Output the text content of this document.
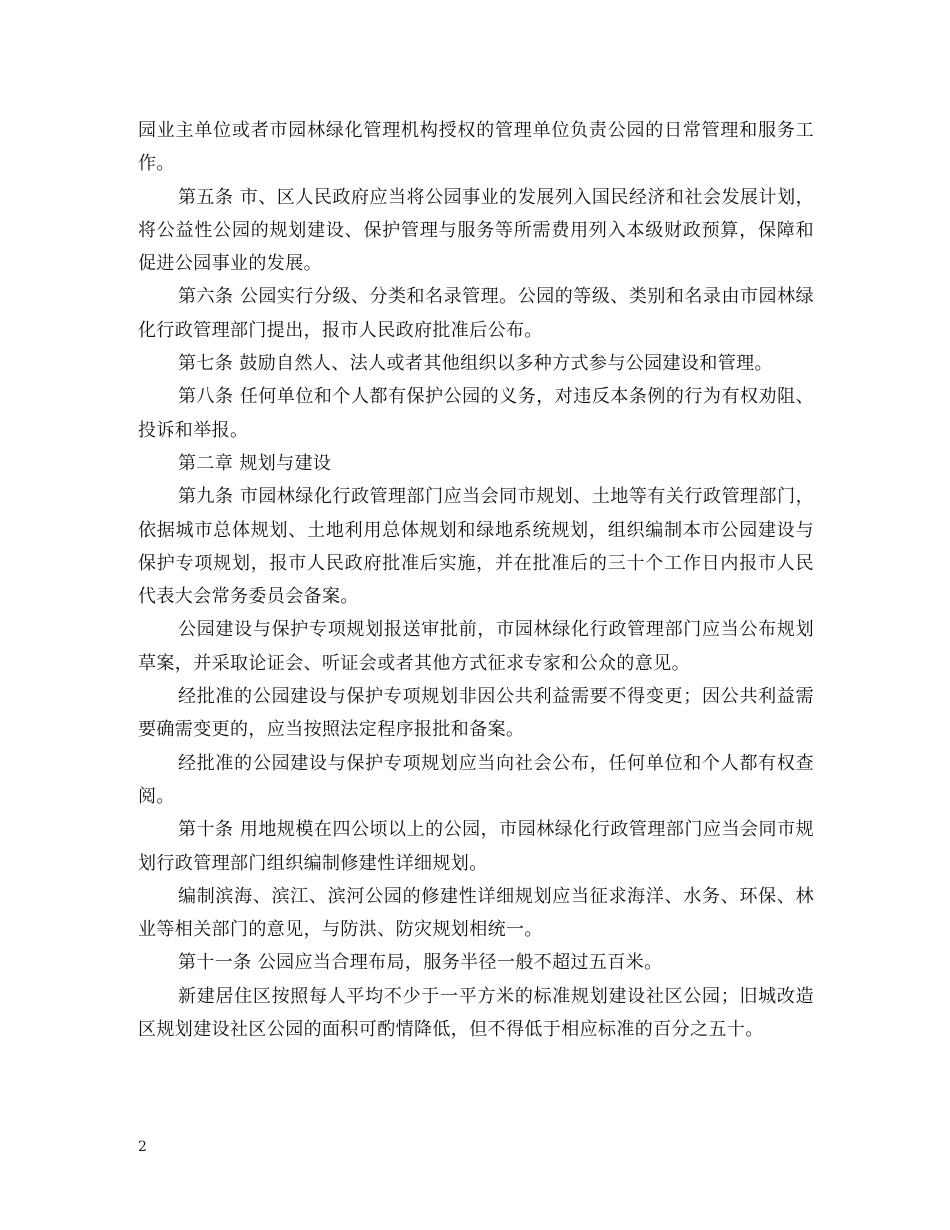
园业主单位或者市园林绿化管理机构授权的管理单位负责公园的日常管理和服务工作。

第五条 市、区人民政府应当将公园事业的发展列入国民经济和社会发展计划，将公益性公园的规划建设、保护管理与服务等所需费用列入本级财政预算，保障和促进公园事业的发展。

第六条 公园实行分级、分类和名录管理。公园的等级、类别和名录由市园林绿化行政管理部门提出，报市人民政府批准后公布。

第七条 鼓励自然人、法人或者其他组织以多种方式参与公园建设和管理。

第八条 任何单位和个人都有保护公园的义务，对违反本条例的行为有权劝阻、投诉和举报。

第二章 规划与建设

第九条 市园林绿化行政管理部门应当会同市规划、土地等有关行政管理部门，依据城市总体规划、土地利用总体规划和绿地系统规划，组织编制本市公园建设与保护专项规划，报市人民政府批准后实施，并在批准后的三十个工作日内报市人民代表大会常务委员会备案。

公园建设与保护专项规划报送审批前，市园林绿化行政管理部门应当公布规划草案，并采取论证会、听证会或者其他方式征求专家和公众的意见。

经批准的公园建设与保护专项规划非因公共利益需要不得变更；因公共利益需要确需变更的，应当按照法定程序报批和备案。

经批准的公园建设与保护专项规划应当向社会公布，任何单位和个人都有权查阅。

第十条 用地规模在四公顷以上的公园，市园林绿化行政管理部门应当会同市规划行政管理部门组织编制修建性详细规划。

编制滨海、滨江、滨河公园的修建性详细规划应当征求海洋、水务、环保、林业等相关部门的意见，与防洪、防灾规划相统一。

第十一条 公园应当合理布局，服务半径一般不超过五百米。

新建居住区按照每人平均不少于一平方米的标准规划建设社区公园；旧城改造区规划建设社区公园的面积可酌情降低，但不得低于相应标准的百分之五十。

2
